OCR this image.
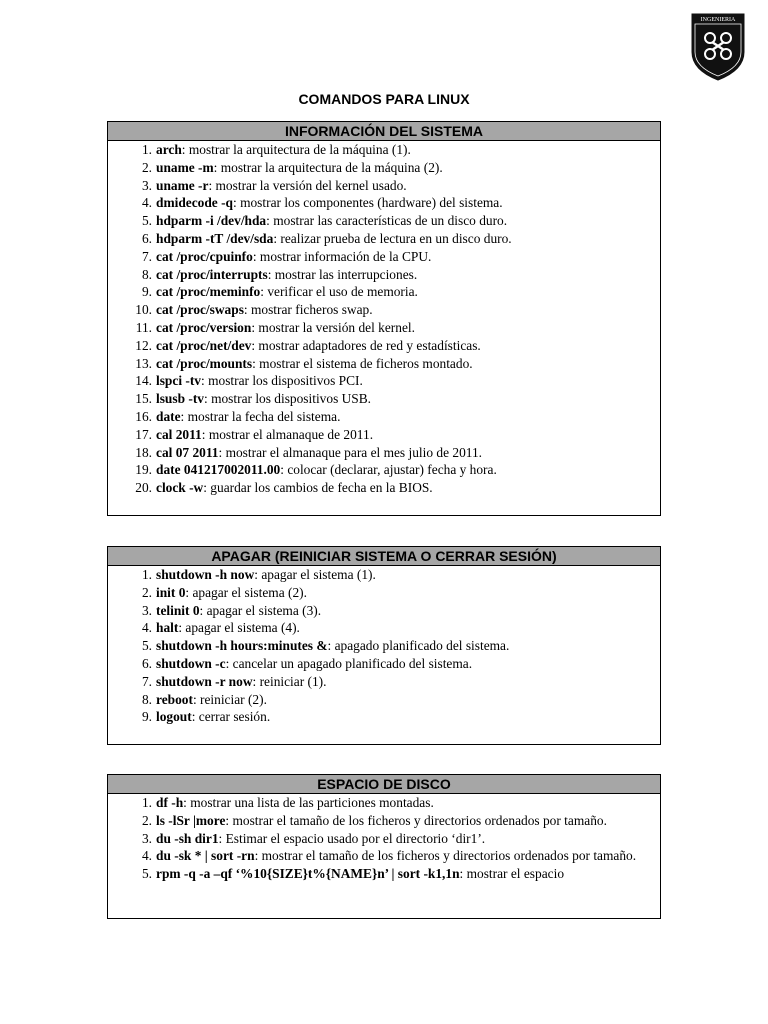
INGENIERIA
COMANDOS PARA LINUX
INFORMACIÓN DEL SISTEMA
1. arch: mostrar la arquitectura de la máquina (1).
2. uname -m: mostrar la arquitectura de la máquina (2).
3. uname -r: mostrar la versión del kernel usado.
4. dmidecode -q: mostrar los componentes (hardware) del sistema.
5. hdparm -i /dev/hda: mostrar las características de un disco duro.
6. hdparm -tT /dev/sda: realizar prueba de lectura en un disco duro.
7. cat /proc/cpuinfo: mostrar información de la CPU.
8. cat /proc/interrupts: mostrar las interrupciones.
9. cat /proc/meminfo: verificar el uso de memoria.
10. cat /proc/swaps: mostrar ficheros swap.
11. cat /proc/version: mostrar la versión del kernel.
12. cat /proc/net/dev: mostrar adaptadores de red y estadísticas.
13. cat /proc/mounts: mostrar el sistema de ficheros montado.
14. lspci -tv: mostrar los dispositivos PCI.
15. lsusb -tv: mostrar los dispositivos USB.
16. date: mostrar la fecha del sistema.
17. cal 2011: mostrar el almanaque de 2011.
18. cal 07 2011: mostrar el almanaque para el mes julio de 2011.
19. date 041217002011.00: colocar (declarar, ajustar) fecha y hora.
20. clock -w: guardar los cambios de fecha en la BIOS.
APAGAR (REINICIAR SISTEMA O CERRAR SESIÓN)
1. shutdown -h now: apagar el sistema (1).
2. init 0: apagar el sistema (2).
3. telinit 0: apagar el sistema (3).
4. halt: apagar el sistema (4).
5. shutdown -h hours:minutes &: apagado planificado del sistema.
6. shutdown -c: cancelar un apagado planificado del sistema.
7. shutdown -r now: reiniciar (1).
8. reboot: reiniciar (2).
9. logout: cerrar sesión.
ESPACIO DE DISCO
1. df -h: mostrar una lista de las particiones montadas.
2. ls -lSr |more: mostrar el tamaño de los ficheros y directorios ordenados por tamaño.
3. du -sh dir1: Estimar el espacio usado por el directorio ‘dir1’.
4. du -sk * | sort -rn: mostrar el tamaño de los ficheros y directorios ordenados por tamaño.
5. rpm -q -a –qf ‘%10{SIZE}t%{NAME}n’ | sort -k1,1n: mostrar el espacio
